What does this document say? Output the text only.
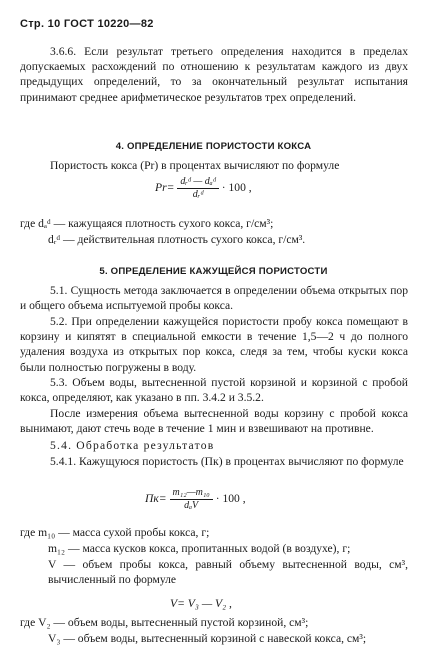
Стр. 10 ГОСТ 10220—82
3.6.6. Если результат третьего определения находится в пределах допускаемых расхождений по отношению к результатам каждого из двух предыдущих определений, то за окончательный результат испытания принимают среднее арифметическое результатов трех определений.
4. ОПРЕДЕЛЕНИЕ ПОРИСТОСТИ КОКСА
Пористость кокса (Pr) в процентах вычисляют по формуле
$Pr= \frac{\text{dᵣᵈ — dₐᵈ}}{\text{dᵣᵈ}} \cdot 100$ ,
где dₐᵈ — кажущаяся плотность сухого кокса, г/см³;
dᵣᵈ — действительная плотность сухого кокса, г/см³.
5. ОПРЕДЕЛЕНИЕ КАЖУЩЕЙСЯ ПОРИСТОСТИ
5.1. Сущность метода заключается в определении объема открытых пор и общего объема испытуемой пробы кокса.
5.2. При определении кажущейся пористости пробу кокса помещают в корзину и кипятят в специальной емкости в течение 1,5—2 ч до полного удаления воздуха из открытых пор кокса, следя за тем, чтобы куски кокса были полностью погружены в воду.
5.3. Объем воды, вытесненной пустой корзиной и корзиной с пробой кокса, определяют, как указано в пп. 3.4.2 и 3.5.2.
После измерения объема вытесненной воды корзину с пробой кокса вынимают, дают стечь воде в течение 1 мин и взвешивают на противне.
5.4. Обработка результатов
5.4.1. Кажущуюся пористость (Пк) в процентах вычисляют по формуле
$Пк= \frac{\text{m₁₂—m₁₀}}{\text{dₐV}} \cdot 100$ ,
где m₁₀ — масса сухой пробы кокса, г;
m₁₂ — масса кусков кокса, пропитанных водой (в воздухе), г;
V — объем пробы кокса, равный объему вытесненной воды, см³, вычисленный по формуле
V= V₃ — V₂ ,
где V₂ — объем воды, вытесненный пустой корзиной, см³;
V₃ — объем воды, вытесненный корзиной с навеской кокса, см³;
